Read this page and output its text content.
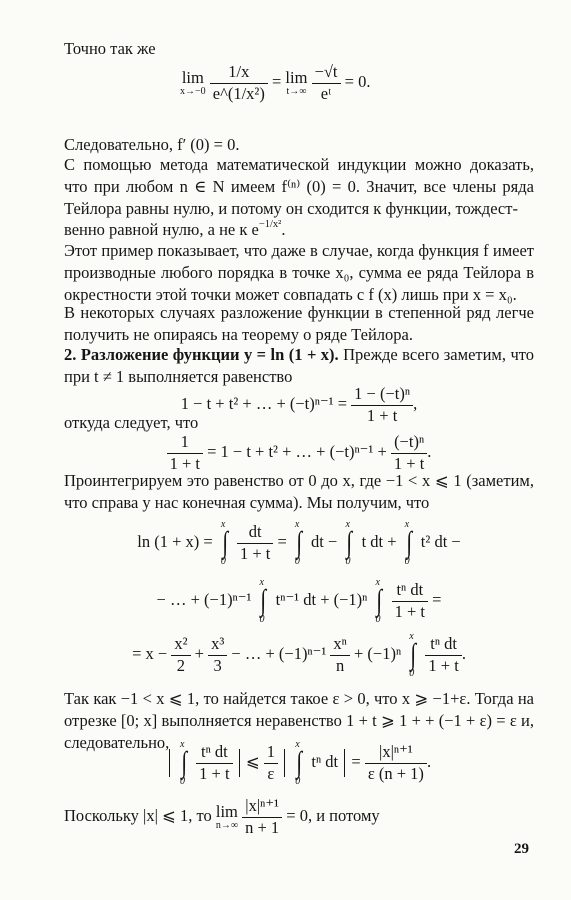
Точно так же

lim
x→−0
$\frac{1/x}{\text{e\textasciicircum{}(1/x²)}} = \lim$
t→∞
$\frac{-√t}{\text{eᵗ}} = 0$.

Следовательно, f′ (0) = 0.

С помощью метода математической индукции можно доказать, что при любом n ∈ N имеем f⁽ⁿ⁾ (0) = 0. Значит, все члены ряда Тейлора равны нулю, и потому он сходится к функции, тождест-

венно равной нулю, а не к $e^{-1/x^2}$.

Этот пример показывает, что даже в случае, когда функция f имеет производные любого порядка в точке x₀, сумма ее ряда Тейлора в окрестности этой точки может совпадать с f (x) лишь при x = x₀.

В некоторых случаях разложение функции в степенной ряд легче получить не опираясь на теорему о ряде Тейлора.

2. Разложение функции y = ln (1 + x). Прежде всего заметим, что при t ≠ 1 выполняется равенство

1 − t + t² + … + $(-t)^{n-1} = \frac{\text{1 − (−t)ⁿ}}{1 + t}$ ,

откуда следует, что

$\frac{1}{1 + t} = 1 - t + t^2$ + … + $(-t)^{n-1} + \frac{\text{(−t)ⁿ}}{1 + t}$ .

Проинтегрируем это равенство от 0 до x, где −1 < x ⩽ 1 (заметим, что справа у нас конечная сумма). Мы получим, что

ln (1 + x) =
x
∫
0
$\frac{dt}{1 + t}$ =
x
∫
0
dt −
x
∫
0
t dt +
x
∫
0
t² dt −
− … + (−1)ⁿ⁻¹
x
∫
0
tⁿ⁻¹ dt + (−1)ⁿ
x
∫
0
$\frac{\text{tⁿ dt}}{1 + t}$ =
= $x - \frac{\text{x²}}{2} + \frac{\text{x³}}{3}$ − … + $(-1)^{n-1} \frac{\text{xⁿ}}{n} + (-1)^n$
x
∫
0
$\frac{\text{tⁿ dt}}{1 + t}$ .

Так как −1 < x ⩽ 1, то найдется такое ε > 0, что x ⩾ −1+ε. Тогда на отрезке [0; x] выполняется неравенство 1 + t ⩾ 1 + + (−1 + ε) = ε и, следовательно,

	x
∫
0
$\frac{\text{tⁿ dt}}{1 + t}$ ⩽ $\frac{1}{\varepsilon}$
x
∫
0
tⁿ dt  = $\frac{\text{|x|ⁿ⁺¹}}{\varepsilon (n + 1)}$ .

Поскольку |x| ⩽ 1, то lim
n→∞
$\frac{\text{|x|ⁿ⁺¹}}{n + 1} = 0$, и потому

29
